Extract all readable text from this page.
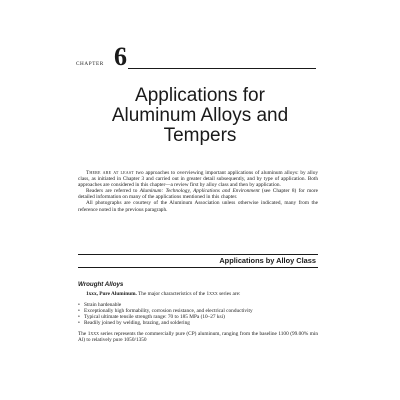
CHAPTER 6
Applications for
Aluminum Alloys and
Tempers

There are at least two approaches to overviewing important applications of aluminum alloys: by alloy class, as initiated in Chapter 3 and carried out in greater detail subsequently, and by type of application. Both approaches are considered in this chapter—a review first by alloy class and then by application.

Readers are referred to Aluminum: Technology, Applications and Environment (see Chapter 8) for more detailed information on many of the applications mentioned in this chapter.

All photographs are courtesy of the Aluminum Association unless otherwise indicated, many from the reference noted in the previous paragraph.

Applications by Alloy Class
Wrought Alloys

1xxx, Pure Aluminum. The major characteristics of the 1xxx series are:

• Strain hardenable
• Exceptionally high formability, corrosion resistance, and electrical conductivity
• Typical ultimate tensile strength range: 70 to 185 MPa (10–27 ksi)
• Readily joined by welding, brazing, and soldering

The 1xxx series represents the commercially pure (CP) aluminum, ranging from the baseline 1100 (99.00% min Al) to relatively pure 1050/1350
